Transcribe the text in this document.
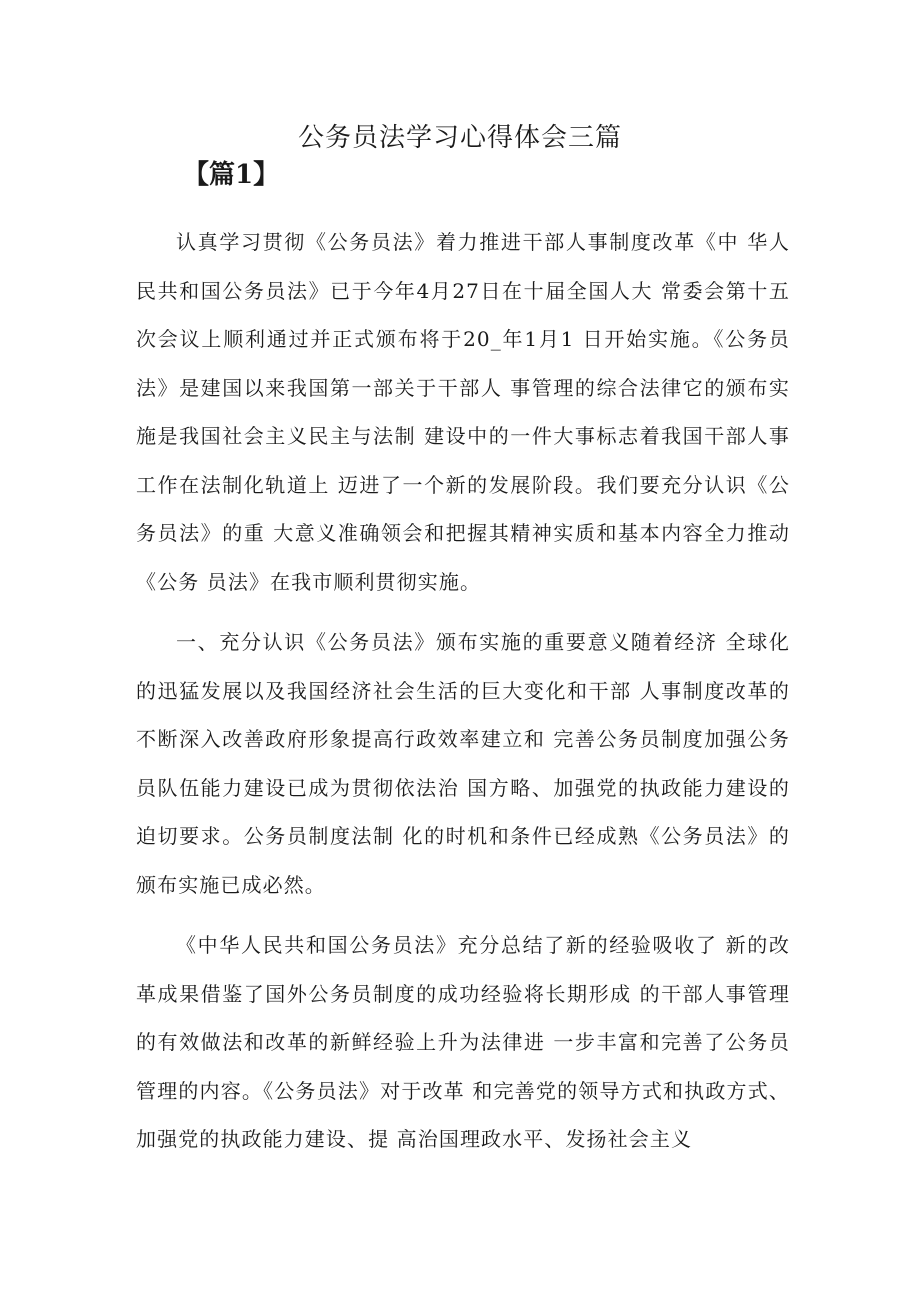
公务员法学习心得体会三篇
【篇1】

认真学习贯彻《公务员法》着力推进干部人事制度改革《中 华人民共和国公务员法》已于今年4月27日在十届全国人大 常委会第十五次会议上顺利通过并正式颁布将于20_年1月1 日开始实施。《公务员法》是建国以来我国第一部关于干部人 事管理的综合法律它的颁布实施是我国社会主义民主与法制 建设中的一件大事标志着我国干部人事工作在法制化轨道上 迈进了一个新的发展阶段。我们要充分认识《公务员法》的重 大意义准确领会和把握其精神实质和基本内容全力推动《公务 员法》在我市顺利贯彻实施。

一、充分认识《公务员法》颁布实施的重要意义随着经济 全球化的迅猛发展以及我国经济社会生活的巨大变化和干部 人事制度改革的不断深入改善政府形象提高行政效率建立和 完善公务员制度加强公务员队伍能力建设已成为贯彻依法治 国方略、加强党的执政能力建设的迫切要求。公务员制度法制 化的时机和条件已经成熟《公务员法》的颁布实施已成必然。

《中华人民共和国公务员法》充分总结了新的经验吸收了 新的改革成果借鉴了国外公务员制度的成功经验将长期形成 的干部人事管理的有效做法和改革的新鲜经验上升为法律进 一步丰富和完善了公务员管理的内容。《公务员法》对于改革 和完善党的领导方式和执政方式、加强党的执政能力建设、提 高治国理政水平、发扬社会主义
